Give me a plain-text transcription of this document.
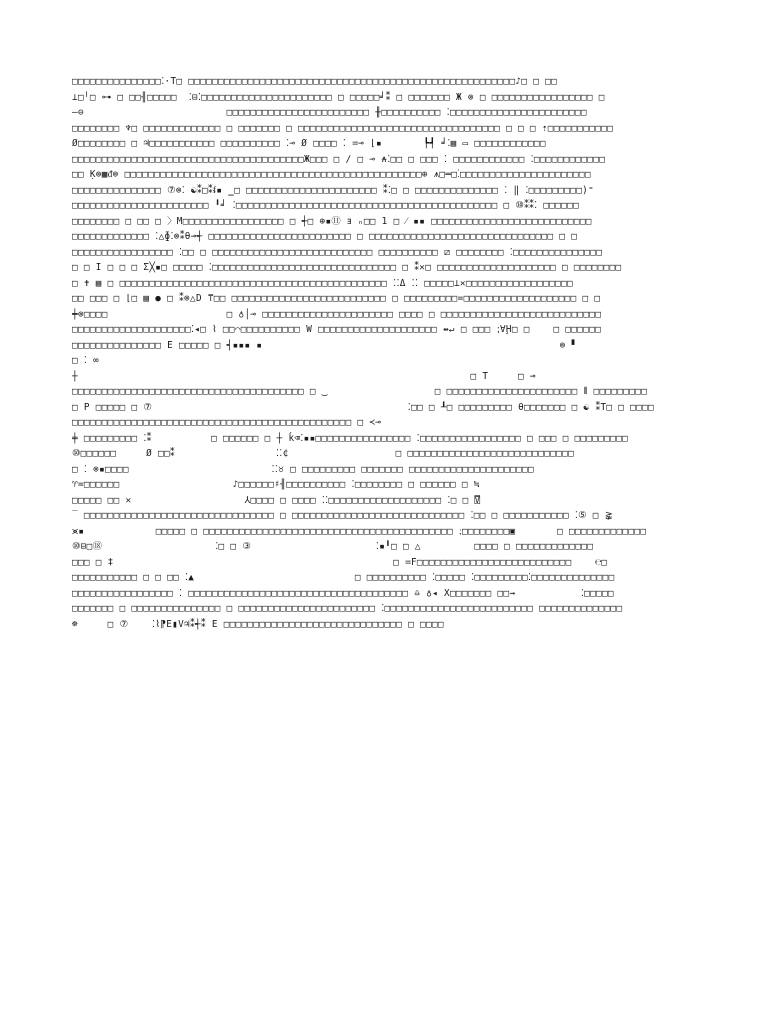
□□□□□□□□□□□□□□□⁚·T□ □□□□□□□□□□□□□□□□□□□□□□□□□□□□□□□□□□□□□□□□□□□□□□□□□□□□□□□♪□ □ □□
⊥□╵□ ⊶ □ □□╢□□□□□  ⁚⊟⁚□□□□□□□□□□□□□□□□□□□□□□ □ □□□□□╛⁑ □ □□□□□□□ Ж ⊗ □ □□□□□□□□□□□□□□□□□ □
–⊖                        □□□□□□□□□□□□□□□□□□□□□□□□ ╫□□□□□□□□□□ ⁚□□□□□□□□□□□□□□□□□□□□□□□
□□□□□□□□ ♆□ □□□□□□□□□□□□□ □ □□□□□□□ □ □□□□□□□□□□□□□□□□□□□□□□□□□□□□□□□□□□ □ □ □ ⇡□□□□□□□□□□□
Ø□□□□□□□□ □ ♃□□□□□□□□□□□ □□□□□□□□□□ ⁚⊸ Ø □□□□ ⁚ ≕⊸ ⌊▪       ┡┩ ╛⁚▤ ▭ □□□□□□□□□□□□
□□□□□□□□□□□□□□□□□□□□□□□□□□□□□□□□□□□□□□□Ж□□□ □ ∕ □ ⊸ ⍲⁚□□ □ □□□ ⁚ □□□□□□□□□□□□ ⁚□□□□□□□□□□□□
□□ Ḳ⊗▦ᵭ⊚ □□□□□□□□□□□□□□□□□□□□□□□□□□□□□□□□□□□□□□□□□□□□□□□□□□⊕ ⩚□═□⁚□□□□□□□□□□□□□□□□□□□□□□
□□□□□□□□□□□□□□□ ⑦⊚⁚ ☯⁑□⁑ᵮ▪ ‗□ □□□□□□□□□□□□□□□□□□□□□□ ⁑⁚□ □ □□□□□□□□□□□□□□ ⁚ ‖ ⁚□□□□□□□□□)⁼
□□□□□□□□□□□□□□□□□□□□□□□ ╹╛ ⁚□□□□□□□□□□□□□□□□□□□□□□□□□□□□□□□□□□□□□□□□□□□□ □ ⑩⁑⁑⁚ □□□□□□
□□□□□□□□ □ □□ □ 〉M□□□□□□□□□□□□□□□□□ □ ┽□ ⊕▪⑪ ⱻ ₙ□□ 1 □ ⁄ ▪▪ □□□□□□□□□□□□□□□□□□□□□□□□□□□
□□□□□□□□□□□□□ ⁚△ɸ⁚⊗⁑θ⊸┽ □□□□□□□□□□□□□□□□□□□□□□□□ □ □□□□□□□□□□□□□□□□□□□□□□□□□□□□□□□ □ □
□□□□□□□□□□□□□□□□□ ⁚□□ □ □□□□□□□□□□□□□□□□□□□□□□□□□□□ □□□□□□□□□□ ⧄ □□□□□□□□ ⁚□□□□□□□□□□□□□□□
□ □ I □ □ □ Σ╳▪□ □□□□□ ⁚□□□□□□□□□□□□□□□□□□□□□□□□□□□□□□□ □ ⁑✕□ □□□□□□□□□□□□□□□□□□□□ □ □□□□□□□□
□ ✝ ▤ □ □□□□□□□□□□□□□□□□□□□□□□□□□□□□□□□□□□□□□□□□□□□□□ ⁚⁚Δ ⁚⁚ □□□□□⊥✕□□□□□□□□□□□□□□□□□□
□□ □□□ □ ⌊□ ▤ ● □ ⁑⊚△D ⍑□□ □□□□□□□□□□□□□□□□□□□□□□□□□□ □ □□□□□□□□□=□□□□□□□□□□□□□□□□□□□ □ □
┿⊚□□□□                    □ ♁│⊸ □□□□□□□□□□□□□□□□□□□□□□ □□□□ □ □□□□□□□□□□□□□□□□□□□□□□□□□□□
□□□□□□□□□□□□□□□□□□□□⁚◂□ ⌇ □□⌒□□□□□□□□□□ W □□□□□□□□□□□□□□□□□□□□ ⇹↵ □ □□□ ⁏∀Ḩ□ □    □ □□□□□□
□□□□□□□□□□□□□□□ E □□□□□ □ ┥▪▪▪ ▪                                                  ⊚ ▘
□ ⁚ ∞
┼                                                                  □ T     □ ⊸
□□□□□□□□□□□□□□□□□□□□□□□□□□□□□□□□□□□□□□□ □ ‿                  □ □□□□□□□□□□□□□□□□□□□□□□ ⫴ □□□□□□□□□
□ P □□□□□ □ ⑦                                           ⁚□□ □ ┸□ □□□□□□□□□ θ□□□□□□□ □ ☯ ⁑T□ □ □□□□
□□□□□□□□□□□□□□□□□□□□□□□□□□□□□□□□□□□□□□□□□□□□□□□ □ ≺⊸
╪ □□□□□□□□□ ⁚⁑          □ □□□□□□ □ ┼ ḱ⌫⁚▪▪□□□□□□□□□□□□□□□□ ⁚□□□□□□□□□□□□□□□□□ □ □□□ □ □□□□□□□□□
⑩□□□□□□     Ø □□⁑                 ⁚⁚¢                  □ □□□□□□□□□□□□□□□□□□□□□□□□□□□□
□ ⁚ ⊚▪□□□□                        ⁚⁚♉ □ □□□□□□□□□ □□□□□□□ □□□□□□□□□□□□□□□□□□□□□
♈=□□□□□□                   ♪□□□□□□♯╢□□□□□□□□□□ ⁚□□□□□□□□ □ □□□□□□ □ ≒
□□□□□ □□ ✕                   ⅄□□□□ □ □□□□ ⁚⁚□□□□□□□□□□□□□□□□□□□ ⁚□ □ ⍔
‾ □□□□□□□□□□□□□□□□□□□□□□□□□□□□□□□□ □ □□□□□□□□□□□□□□□□□□□□□□□□□□□□□ ⁚□□ □ □□□□□□□□□□□ ⁚⑤ □ ⪊
⪤▪            □□□□□ □ □□□□□□□□□□□□□□□□□□□□□□□□□□□□□□□□□□□□□□□□□□ ⁏□□□□□□□□▣       □ □□□□□□□□□□□□□
⑩⊟□⑱                   ⁚□ □ ③                     ⁚▪╹□ □ △         □□□□ □ □□□□□□□□□□□□□
□□□ □ ‡                                               □ ≕F□□□□□□□□□□□□□□□□□□□□□□□□□□    ℮□
□□□□□□□□□□□ □ □ □□ ⁚▲                           □ □□□□□□□□□□ ⁚□□□□□ ⁚□□□□□□□□□⁚□□□□□□□□□□□□□□
□□□□□□□□□□□□□□□□□ ⁚ □□□□□□□□□□□□□□□□□□□□□□□□□□□□□□□□□□□□□ ♎ ♁◂ Χ□□□□□□□ □□⇝           ⁚□□□□□
□□□□□□□ □ □□□□□□□□□□□□□□□ □ □□□□□□□□□□□□□□□□□□□□□□□ ⁚□□□□□□□□□□□□□□□□□□□□□□□□□ □□□□□□□□□□□□□□
☸     □ ⑦    ⁚⌇⁋E▮V♃⁑┽⁑ E □□□□□□□□□□□□□□□□□□□□□□□□□□□□□□ □ □□□□
